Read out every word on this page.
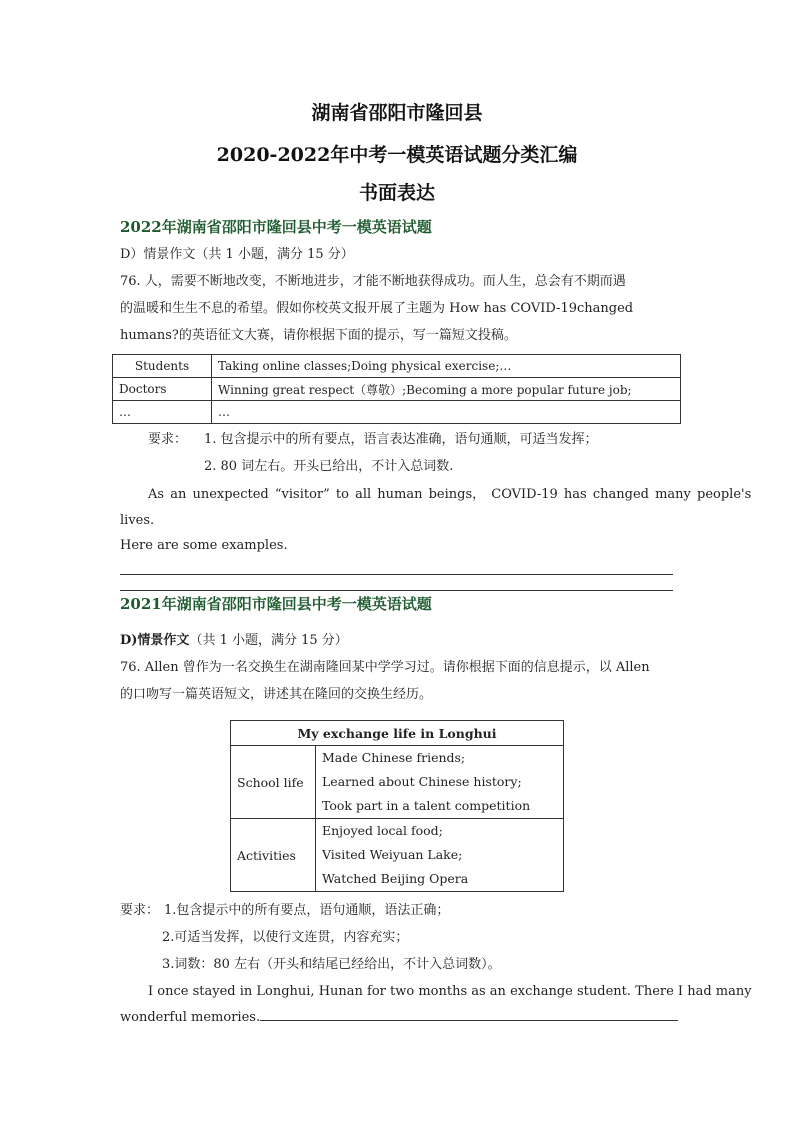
湖南省邵阳市隆回县
2020-2022年中考一模英语试题分类汇编
书面表达
2022年湖南省邵阳市隆回县中考一模英语试题
D）情景作文（共 1 小题，满分 15 分）
76. 人，需要不断地改变，不断地进步，才能不断地获得成功。而人生，总会有不期而遇
的温暖和生生不息的希望。假如你校英文报开展了主题为 How has COVID-19changed
humans?的英语征文大赛，请你根据下面的提示，写一篇短文投稿。
Students	Taking online classes;Doing physical exercise;…
Doctors	Winning great respect（尊敬）;Becoming a more popular future job;
…	…
要求： 1. 包含提示中的所有要点，语言表达准确，语句通顺，可适当发挥；
2. 80 词左右。开头已给出，不计入总词数.
As an unexpected “visitor” to all human beings， COVID-19 has changed many people's
lives.
Here are some examples.
2021年湖南省邵阳市隆回县中考一模英语试题
D)情景作文（共 1 小题，满分 15 分）
76. Allen 曾作为一名交换生在湖南隆回某中学学习过。请你根据下面的信息提示，以 Allen
的口吻写一篇英语短文，讲述其在隆回的交换生经历。
My exchange life in Longhui	
School life	Made Chinese friends;
Learned about Chinese history;
Took part in a talent competition

Activities	Enjoyed local food;
Visited Weiyuan Lake;
Watched Beijing Opera
要求： 1.包含提示中的所有要点，语句通顺，语法正确；
2.可适当发挥，以使行文连贯，内容充实；
3.词数：80 左右（开头和结尾已经给出，不计入总词数）。
I once stayed in Longhui, Hunan for two months as an exchange student. There I had many
wonderful memories.
